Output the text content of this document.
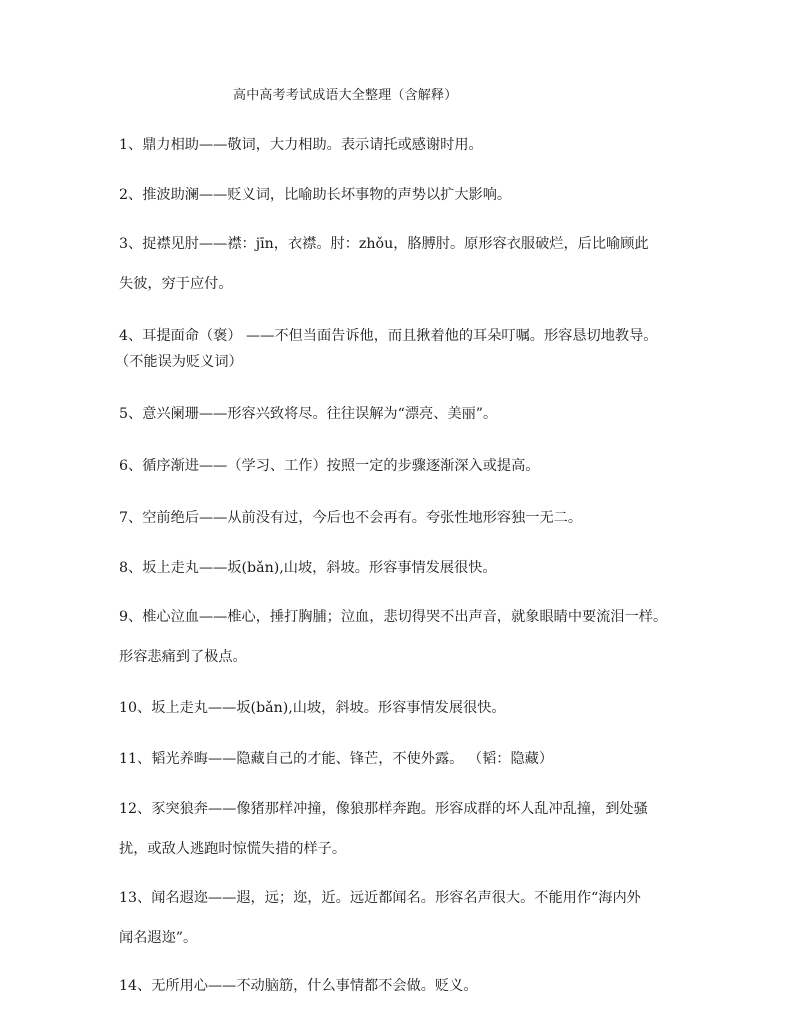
高中高考考试成语大全整理（含解释）
1、鼎力相助——敬词，大力相助。表示请托或感谢时用。
2、推波助澜——贬义词，比喻助长坏事物的声势以扩大影响。
3、捉襟见肘——襟：jīn，衣襟。肘：zhǒu，胳膊肘。原形容衣服破烂，后比喻顾此
失彼，穷于应付。
4、耳提面命（褒） ——不但当面告诉他，而且揪着他的耳朵叮嘱。形容恳切地教导。
（不能误为贬义词）
5、意兴阑珊——形容兴致将尽。往往误解为“漂亮、美丽”。
6、循序渐进——（学习、工作）按照一定的步骤逐渐深入或提高。
7、空前绝后——从前没有过，今后也不会再有。夸张性地形容独一无二。
8、坂上走丸——坂(bǎn),山坡，斜坡。形容事情发展很快。
9、椎心泣血——椎心，捶打胸脯；泣血，悲切得哭不出声音，就象眼睛中要流泪一样。
形容悲痛到了极点。
10、坂上走丸——坂(bǎn),山坡，斜坡。形容事情发展很快。
11、韬光养晦——隐藏自己的才能、锋芒，不使外露。 （韬：隐藏）
12、豕突狼奔——像猪那样冲撞，像狼那样奔跑。形容成群的坏人乱冲乱撞，到处骚
扰，或敌人逃跑时惊慌失措的样子。
13、闻名遐迩——遐，远；迩，近。远近都闻名。形容名声很大。不能用作“海内外
闻名遐迩”。
14、无所用心——不动脑筋，什么事情都不会做。贬义。
